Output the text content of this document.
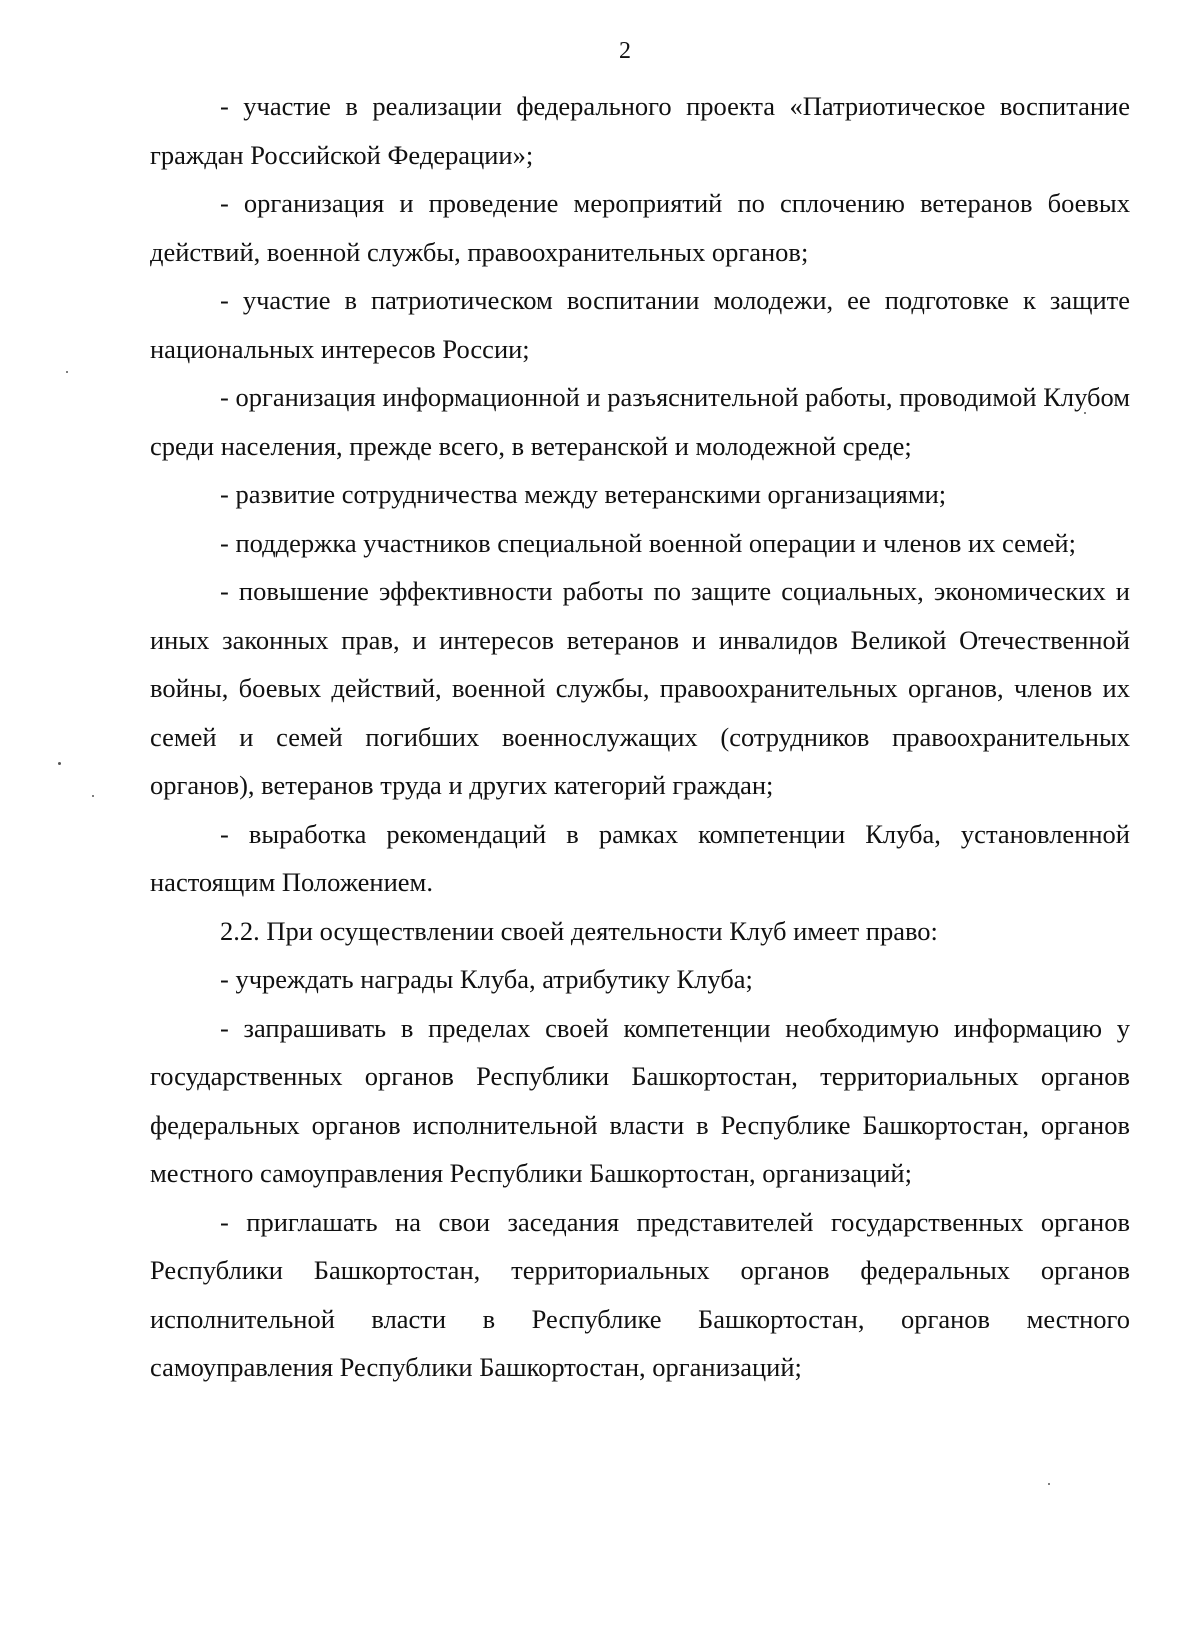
2

- участие в реализации федерального проекта «Патриотическое воспитание граждан Российской Федерации»;

- организация и проведение мероприятий по сплочению ветеранов боевых действий, военной службы, правоохранительных органов;

- участие в патриотическом воспитании молодежи, ее подготовке к защите национальных интересов России;

- организация информационной и разъяснительной работы, проводимой Клубом среди населения, прежде всего, в ветеранской и молодежной среде;

- развитие сотрудничества между ветеранскими организациями;

- поддержка участников специальной военной операции и членов их семей;

- повышение эффективности работы по защите социальных, экономических и иных законных прав, и интересов ветеранов и инвалидов Великой Отечественной войны, боевых действий, военной службы, правоохранительных органов, членов их семей и семей погибших военнослужащих (сотрудников правоохранительных органов), ветеранов труда и других категорий граждан;

- выработка рекомендаций в рамках компетенции Клуба, установленной настоящим Положением.

2.2. При осуществлении своей деятельности Клуб имеет право:

- учреждать награды Клуба, атрибутику Клуба;

- запрашивать в пределах своей компетенции необходимую информацию у государственных органов Республики Башкортостан, территориальных органов федеральных органов исполнительной власти в Республике Башкортостан, органов местного самоуправления Республики Башкортостан, организаций;

- приглашать на свои заседания представителей государственных органов Республики Башкортостан, территориальных органов федеральных органов исполнительной власти в Республике Башкортостан, органов местного самоуправления Республики Башкортостан, организаций;
